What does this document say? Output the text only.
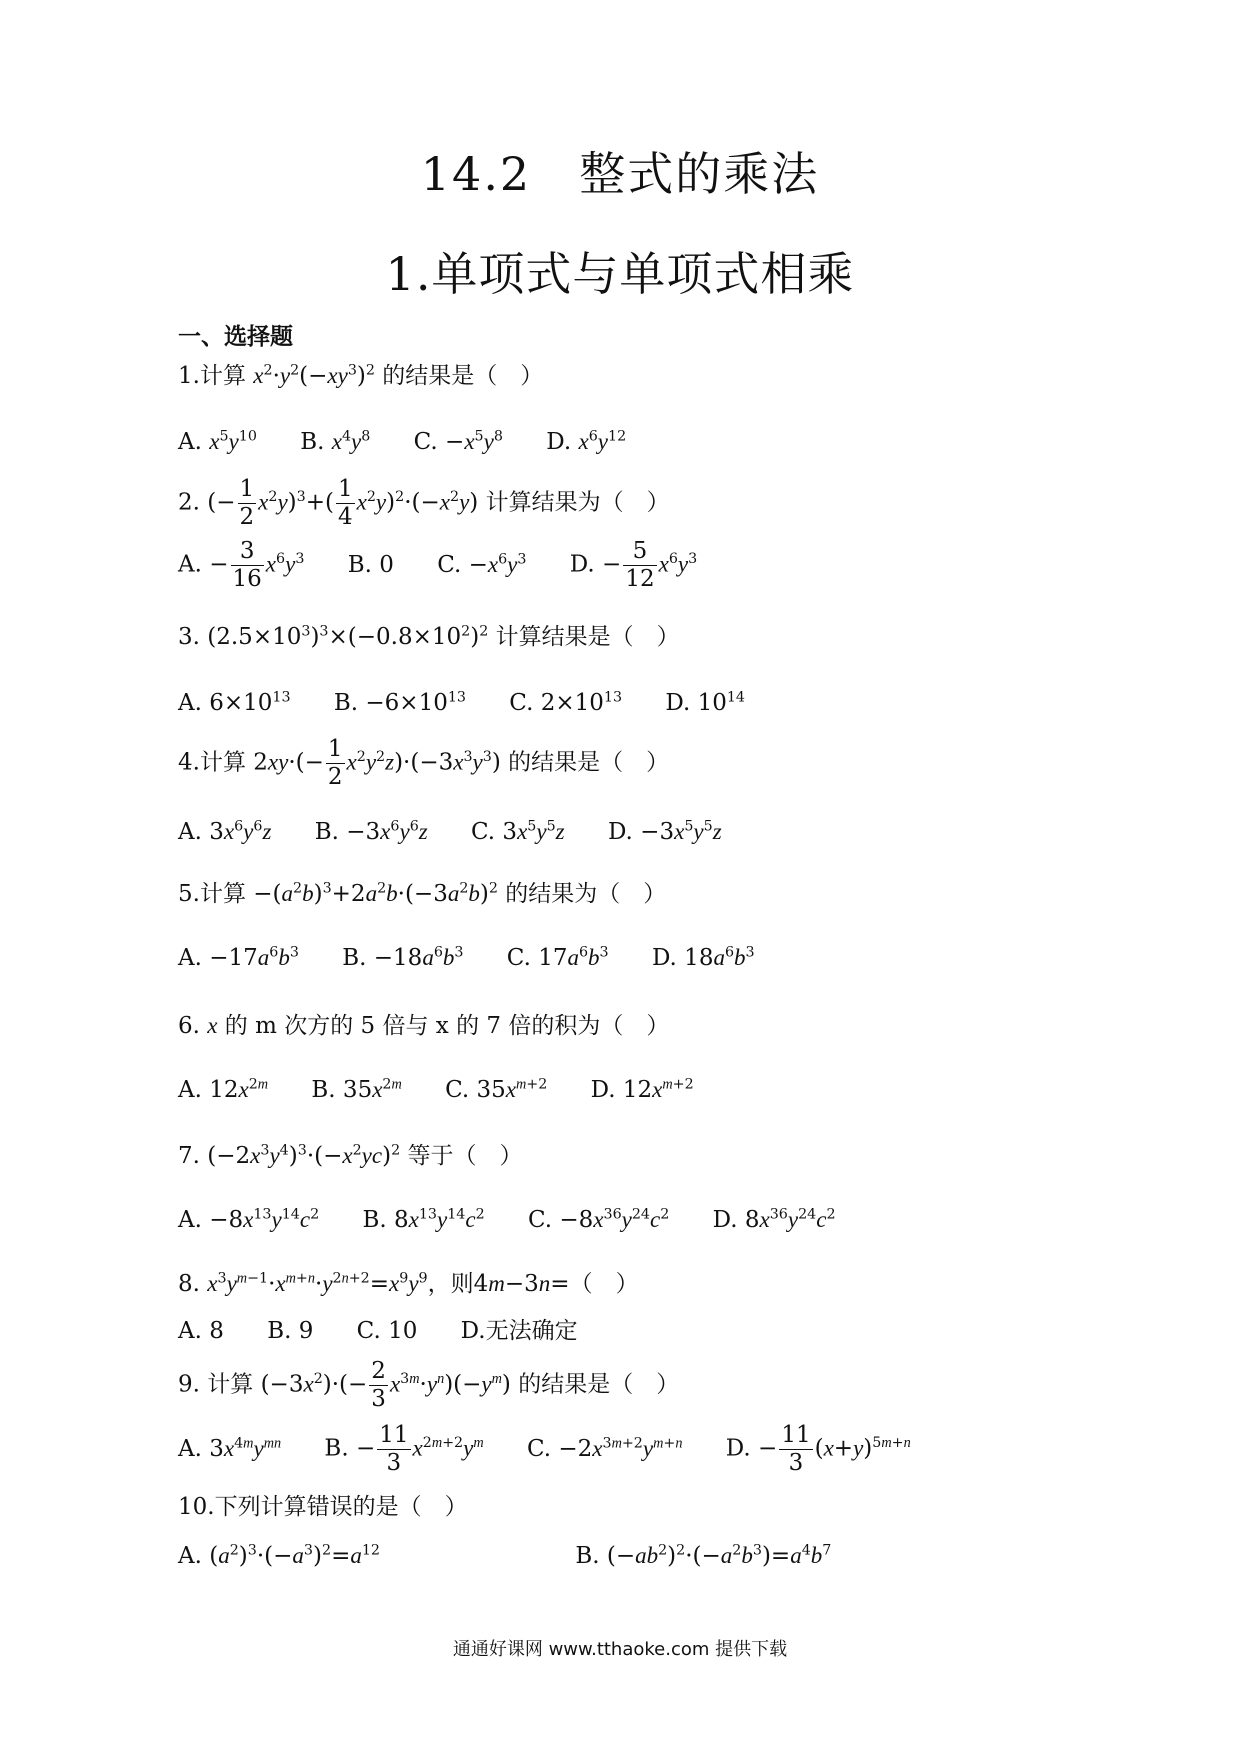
14.2　整式的乘法
1.单项式与单项式相乘
一、选择题
1.计算 $x^2\cdot y^2(-xy^3)^2$ 的结果是（　）
A. $x^5y^{10}$ B. $x^4y^8$ C. $-x^5y^8$ D. $x^6y^{12}$
2. (− $\frac{1}{2} x^2y)^3+( \frac{1}{4} x^2y)^2\cdot(-x^2y)$ 计算结果为（　）
A. − $\frac{3}{16} x^6y^3$ B. 0 C. $-x^6y^3$ D. − $\frac{5}{12} x^6y^3$
3. $(2.5\times 10^3)^3\times(-0.8\times 10^2)^2$ 计算结果是（　）
A. $6\times 10^{13}$ B. $-6\times 10^{13}$ C. $2\times 10^{13}$ D. $10^{14}$
4.计算 $2xy\cdot(- \frac{1}{2} x^2y^2z)\cdot(-3x^3y^3)$ 的结果是（　）
A. $3x^6y^6z$ B. $-3x^6y^6z$ C. $3x^5y^5z$ D. $-3x^5y^5z$
5.计算 $-(a^2b)^3+2a^2b\cdot(-3a^2b)^2$ 的结果为（　）
A. $-17a^6b^3$ B. $-18a^6b^3$ C. $17a^6b^3$ D. $18a^6b^3$
6. x 的 m 次方的 5 倍与 x 的 7 倍的积为（　）
A. $12x^{2m}$ B. $35x^{2m}$ C. $35x^{m+2}$ D. $12x^{m+2}$
7. $(-2x^3y^4)^3\cdot(-x^2yc)^2$ 等于（　）
A. $-8x^{13}y^{14}c^2$ B. $8x^{13}y^{14}c^2$ C. $-8x^{36}y^{24}c^2$ D. $8x^{36}y^{24}c^2$
8. $x^3y^{m-1}\cdot x^{m+n}\cdot y^{2n+2}=x^9y^9$，则4m−3n=（　）
A. 8 B. 9 C. 10 D.无法确定
9. 计算 $(-3x^2)\cdot(- \frac{2}{3} x^{3m}\cdot y^n)(-y^m)$ 的结果是（　）
A. $3x^{4m}y^{mn}$ B. − $\frac{11}{3} x^{2m+2}y^m$ C. $-2x^{3m+2}y^{m+n}$ D. − $\frac{11}{3} (x+y)^{5m+n}$
10.下列计算错误的是（　）
A. $(a^2)^3\cdot(-a^3)^2=a^{12}$	B. $(-ab^2)^2\cdot(-a^2b^3)=a^4b^7$
通通好课网 www.tthaoke.com 提供下载
